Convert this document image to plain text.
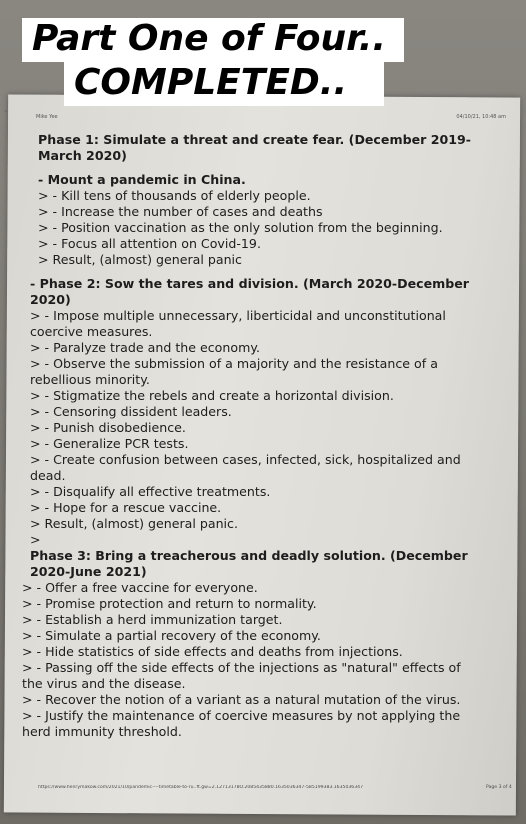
«
Mike Yee	04/10/21, 10:48 am

Phase 1: Simulate a threat and create fear. (December 2019-

March 2020)

- Mount a pandemic in China.

> - Kill tens of thousands of elderly people.

> - Increase the number of cases and deaths

> - Position vaccination as the only solution from the beginning.

> - Focus all attention on Covid-19.

> Result, (almost) general panic

- Phase 2: Sow the tares and division. (March 2020-December

2020)

> - Impose multiple unnecessary, liberticidal and unconstitutional

coercive measures.

> - Paralyze trade and the economy.

> - Observe the submission of a majority and the resistance of a

rebellious minority.

> - Stigmatize the rebels and create a horizontal division.

> - Censoring dissident leaders.

> - Punish disobedience.

> - Generalize PCR tests.

> - Create confusion between cases, infected, sick, hospitalized and

dead.

> - Disqualify all effective treatments.

> - Hope for a rescue vaccine.

> Result, (almost) general panic.

>

Phase 3: Bring a treacherous and deadly solution. (December

2020-June 2021)

> - Offer a free vaccine for everyone.

> - Promise protection and return to normality.

> - Establish a herd immunization target.

> - Simulate a partial recovery of the economy.

> - Hide statistics of side effects and deaths from injections.

> - Passing off the side effects of the injections as "natural" effects of

the virus and the disease.

> - Recover the notion of a variant as a natural mutation of the virus.

> - Justify the maintenance of coercive measures by not applying the

herd immunity threshold.

https://www.henrymakow.com/2021/10/pandemic----timetable-to-ru..ft.gw=2.12713178O.2085435880.1635036347-585199383.1635036347	Page 3 of 4
Part One of Four..
COMPLETED..
